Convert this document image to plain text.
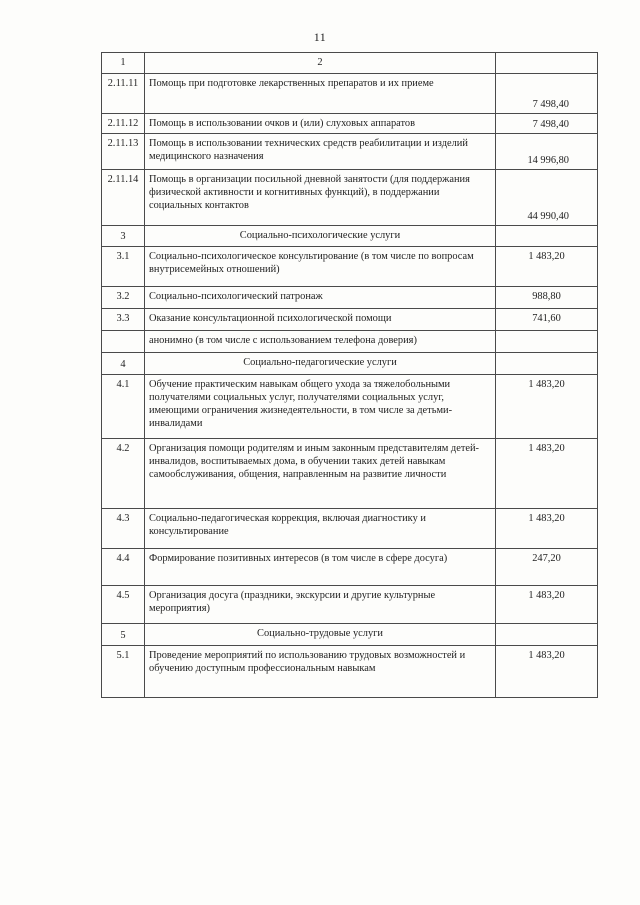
11
1	2	
2.11.11	Помощь при подготовке лекарственных препаратов и их приеме	7 498,40
2.11.12	Помощь в использовании очков и (или) слуховых аппаратов	7 498,40
2.11.13	Помощь в использовании технических средств реабилитации и изделий медицинского назначения	14 996,80
2.11.14	Помощь в организации посильной дневной занятости (для поддержания физической активности и когнитивных функций), в поддержании социальных контактов	44 990,40
3	Социально-психологические услуги	
3.1	Социально-психологическое консультирование (в том числе по вопросам внутрисемейных отношений)	1 483,20
3.2	Социально-психологический патронаж	988,80
3.3	Оказание консультационной психологической помощи	741,60
	анонимно (в том числе с использованием телефона доверия)	
4	Социально-педагогические услуги	
4.1	Обучение практическим навыкам общего ухода за тяжелобольными получателями социальных услуг, получателями социальных услуг, имеющими ограничения жизнедеятельности, в том числе за детьми-инвалидами	1 483,20
4.2	Организация помощи родителям и иным законным представителям детей-инвалидов, воспитываемых дома, в обучении таких детей навыкам самообслуживания, общения, направленным на развитие личности	1 483,20
4.3	Социально-педагогическая коррекция, включая диагностику и консультирование	1 483,20
4.4	Формирование позитивных интересов (в том числе в сфере досуга)	247,20
4.5	Организация досуга (праздники, экскурсии и другие культурные мероприятия)	1 483,20
5	Социально-трудовые услуги	
5.1	Проведение мероприятий по использованию трудовых возможностей и обучению доступным профессиональным навыкам	1 483,20
